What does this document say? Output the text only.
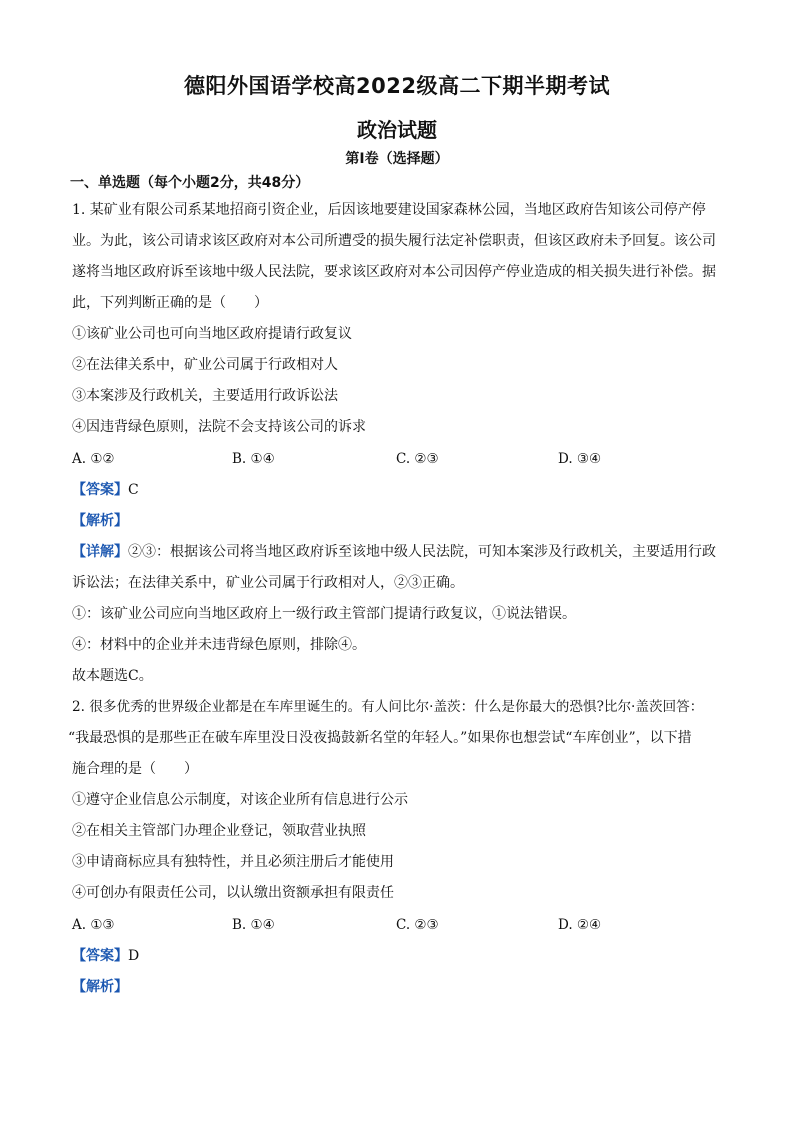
德阳外国语学校高2022级高二下期半期考试
政治试题
第I卷（选择题）
一、单选题（每个小题2分，共48分）
1. 某矿业有限公司系某地招商引资企业，后因该地要建设国家森林公园，当地区政府告知该公司停产停
业。为此，该公司请求该区政府对本公司所遭受的损失履行法定补偿职责，但该区政府未予回复。该公司
遂将当地区政府诉至该地中级人民法院，要求该区政府对本公司因停产停业造成的相关损失进行补偿。据
此，下列判断正确的是（　　）
①该矿业公司也可向当地区政府提请行政复议
②在法律关系中，矿业公司属于行政相对人
③本案涉及行政机关，主要适用行政诉讼法
④因违背绿色原则，法院不会支持该公司的诉求
A. ①②	B. ①④	C. ②③	D. ③④
【答案】C
【解析】
【详解】②③：根据该公司将当地区政府诉至该地中级人民法院，可知本案涉及行政机关，主要适用行政
诉讼法；在法律关系中，矿业公司属于行政相对人，②③正确。
①：该矿业公司应向当地区政府上一级行政主管部门提请行政复议，①说法错误。
④：材料中的企业并未违背绿色原则，排除④。
故本题选C。
2. 很多优秀的世界级企业都是在车库里诞生的。有人问比尔·盖茨：什么是你最大的恐惧?比尔·盖茨回答：
“我最恐惧的是那些正在破车库里没日没夜捣鼓新名堂的年轻人。”如果你也想尝试“车库创业”，以下措
施合理的是（　　）
①遵守企业信息公示制度，对该企业所有信息进行公示
②在相关主管部门办理企业登记，领取营业执照
③申请商标应具有独特性，并且必须注册后才能使用
④可创办有限责任公司，以认缴出资额承担有限责任
A. ①③	B. ①④	C. ②③	D. ②④
【答案】D
【解析】
